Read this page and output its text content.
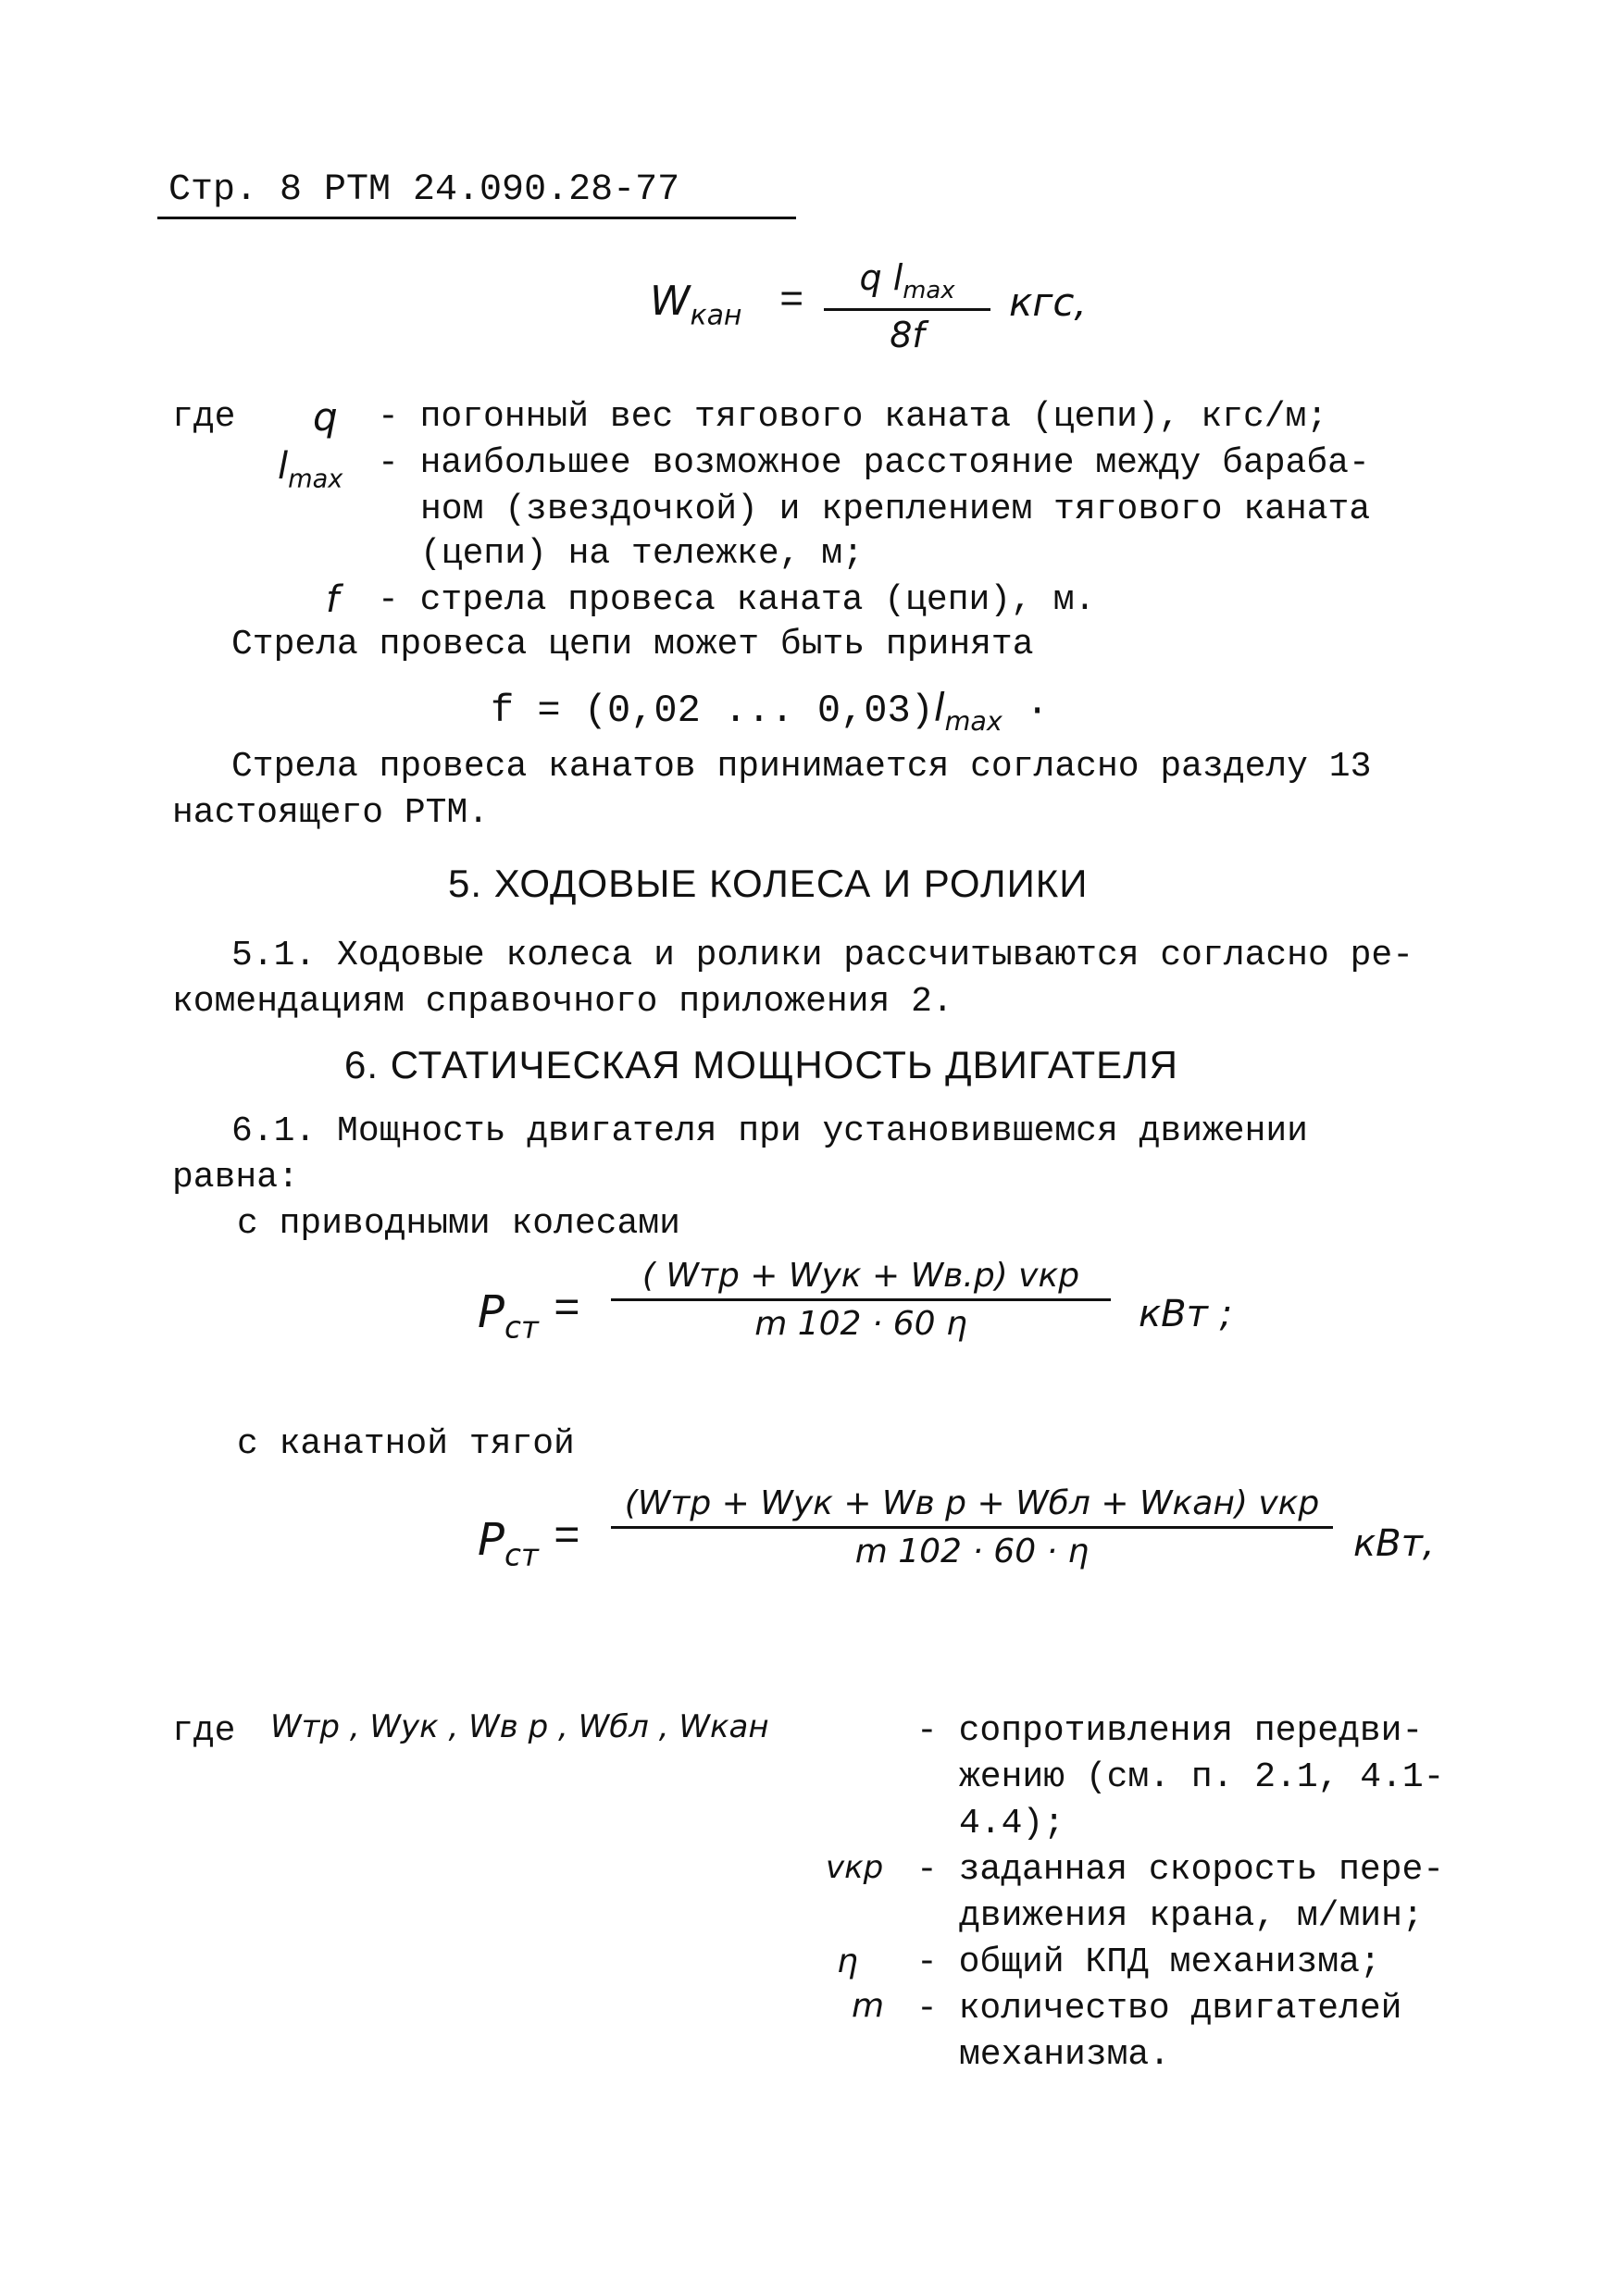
Стр. 8 РТМ 24.090.28-77
$W_{кан}$ =
q $l_{max}$
8f
кгс,
где q - погонный вес тягового каната (цепи), кгс/м;
$l_{max}$ - наибольшее возможное расстояние между бараба-
ном (звездочкой) и креплением тягового каната
(цепи) на тележке, м;
f - стрела провеса каната (цепи), м.
Стрела провеса цепи может быть принята
f = (0,02 ... $0,03)l_{max}$ ·
Стрела провеса канатов принимается согласно разделу 13
настоящего РТМ.
5. ХОДОВЫЕ КОЛЕСА И РОЛИКИ
5.1. Ходовые колеса и ролики рассчитываются согласно ре-
комендациям справочного приложения 2.
6. СТАТИЧЕСКАЯ МОЩНОСТЬ ДВИГАТЕЛЯ
6.1. Мощность двигателя при установившемся движении
равна:
с приводными колесами
$P_{ст}$ =
( Wтр + Wук + Wв.р) vкр
m 102 · 60 η	кВт ;
с канатной тягой
$P_{ст}$ =
(Wтр + Wук + Wв р + Wбл + Wкан) vкр
m 102 · 60 · η	кВт,
где Wтр , Wук , Wв р , Wбл , Wкан	- сопротивления передви-
жению (см. п. 2.1, 4.1-
4.4);
vкр - заданная скорость пере-
движения крана, м/мин;
η - общий КПД механизма;
m - количество двигателей
механизма.
